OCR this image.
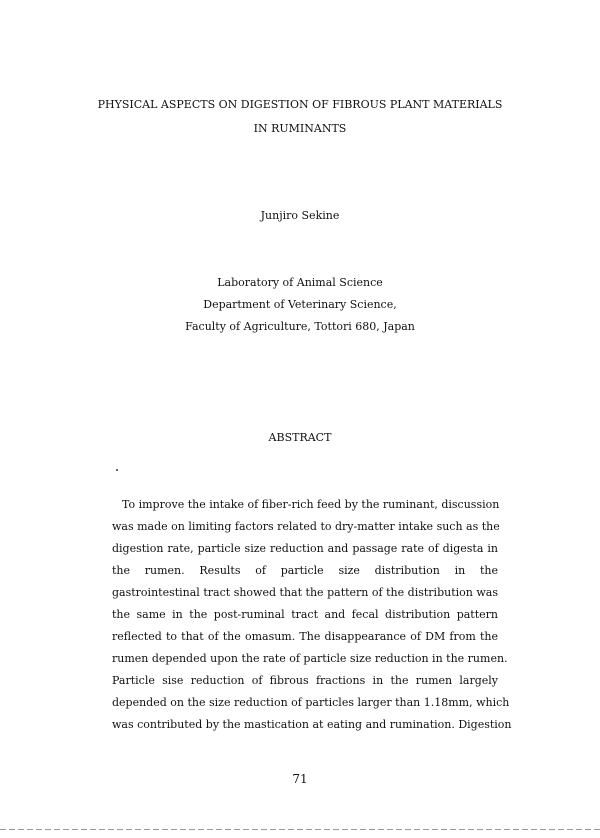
PHYSICAL ASPECTS ON DIGESTION OF FIBROUS PLANT MATERIALS
IN RUMINANTS
Junjiro Sekine
Laboratory of Animal Science
Department of Veterinary Science,
Faculty of Agriculture, Tottori 680, Japan
ABSTRACT
To improve the intake of fiber-rich feed by the ruminant, discussion
was made on limiting factors related to dry-matter intake such as the
digestion rate, particle size reduction and passage rate of digesta in
the rumen. Results of particle size distribution in the
gastrointestinal tract showed that the pattern of the distribution was
the same in the post-ruminal tract and fecal distribution pattern
reflected to that of the omasum. The disappearance of DM from the
rumen depended upon the rate of particle size reduction in the rumen.
Particle sise reduction of fibrous fractions in the rumen largely
depended on the size reduction of particles larger than 1.18mm, which
was contributed by the mastication at eating and rumination. Digestion
71
